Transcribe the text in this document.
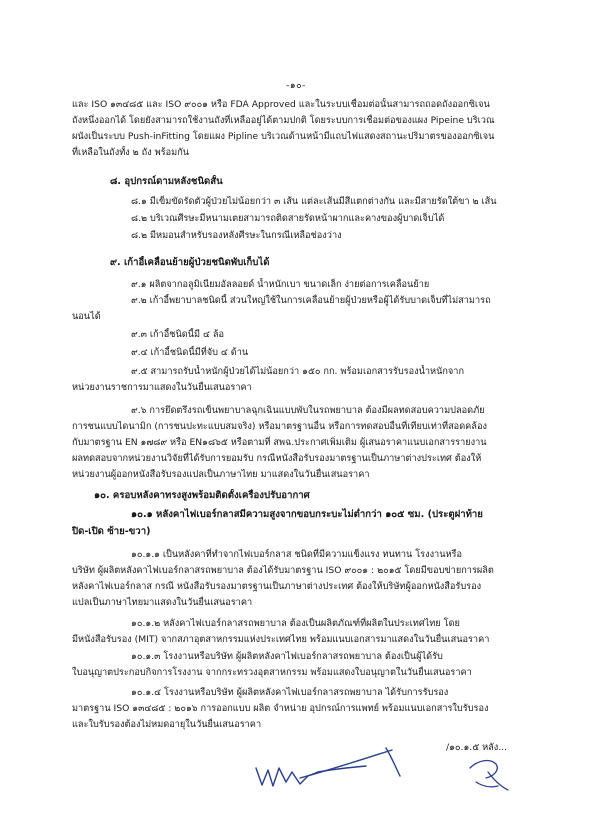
-๑๐-
และ ISO ๑๓๔๘๕ และ ISO ๙๐๐๑ หรือ FDA Approved และในระบบเชื่อมต่อนั้นสามารถถอดถังออกซิเจน
ถังหนึ่งออกได้ โดยยังสามารถใช้งานถังที่เหลืออยู่ได้ตามปกติ โดยระบบการเชื่อมต่อของแผง Pipeine บริเวณ
ผนังเป็นระบบ Push-inFitting โดยแผง Pipline บริเวณด้านหน้ามีแถบไฟแสดงสถานะปริมาตรของออกซิเจน
ที่เหลือในถังทั้ง ๒ ถัง พร้อมกัน
๘. อุปกรณ์ดามหลังชนิดสั้น
๘.๑ มีเข็มขัดรัดตัวผู้ป่วยไม่น้อยกว่า ๓ เส้น แต่ละเส้นมีสีแตกต่างกัน และมีสายรัดใต้ขา ๒ เส้น
๘.๒ บริเวณศีรษะมีหนามเตยสามารถติดสายรัดหน้าผากและคางของผู้บาดเจ็บได้
๘.๒ มีหมอนสำหรับรองหลังศีรษะในกรณีเหลือช่องว่าง
๙. เก้าอี้เคลื่อนย้ายผู้ป่วยชนิดพับเก็บได้
๙.๑ ผลิตจากอลูมิเนียมอัลลอยด์ น้ำหนักเบา ขนาดเล็ก ง่ายต่อการเคลื่อนย้าย
๙.๒ เก้าอี้พยาบาลชนิดนี้ ส่วนใหญ่ใช้ในการเคลื่อนย้ายผู้ป่วยหรือผู้ได้รับบาดเจ็บที่ไม่สามารถ
นอนได้
๙.๓ เก้าอี้ชนิดนี้มี ๔ ล้อ
๙.๔ เก้าอี้ชนิดนี้มีที่จับ ๔ ด้าน
๙.๕ สามารถรับน้ำหนักผู้ป่วยได้ไม่น้อยกว่า ๑๕๐ กก. พร้อมเอกสารรับรองน้ำหนักจาก
หน่วยงานราชการมาแสดงในวันยื่นเสนอราคา
๙.๖ การยึดตรึงรถเข็นพยาบาลฉุกเฉินแบบพับในรถพยาบาล ต้องมีผลทดสอบความปลอดภัย
การชนแบบไดนามิก (การชนปะทะแบบสมจริง) หรือมาตรฐานอื่น หรือการทดสอบอื่นที่เทียบเท่าที่สอดคล้อง
กับมาตรฐาน EN ๑๗๘๙ หรือ EN๑๘๖๕ หรือตามที่ สพฉ.ประกาศเพิ่มเติม ผู้เสนอราคาแนบเอกสารรายงาน
ผลทดสอบจากหน่วยงานวิจัยที่ได้รับการยอมรับ กรณีหนังสือรับรองมาตรฐานเป็นภาษาต่างประเทศ ต้องให้
หน่วยงานผู้ออกหนังสือรับรองแปลเป็นภาษาไทย มาแสดงในวันยื่นเสนอราคา
๑๐. ครอบหลังคาทรงสูงพร้อมติดตั้งเครื่องปรับอากาศ
๑๐.๑ หลังคาไฟเบอร์กลาสมีความสูงจากขอบกระบะไม่ต่ำกว่า ๑๐๕ ซม. (ประตูฝาท้าย
ปิด-เปิด ซ้าย-ขวา)
๑๐.๑.๑ เป็นหลังคาที่ทำจากไฟเบอร์กลาส ชนิดที่มีความแข็งแรง ทนทาน โรงงานหรือ
บริษัท ผู้ผลิตหลังคาไฟเบอร์กลาสรถพยาบาล ต้องได้รับมาตรฐาน ISO ๙๐๐๑ : ๒๐๑๕ โดยมีขอบข่ายการผลิต
หลังคาไฟเบอร์กลาส กรณี หนังสือรับรองมาตรฐานเป็นภาษาต่างประเทศ ต้องให้บริษัทผู้ออกหนังสือรับรอง
แปลเป็นภาษาไทยมาแสดงในวันยื่นเสนอราคา
๑๐.๑.๒ หลังคาไฟเบอร์กลาสรถพยาบาล ต้องเป็นผลิตภัณฑ์ที่ผลิตในประเทศไทย โดย
มีหนังสือรับรอง (MIT) จากสภาอุตสาหกรรมแห่งประเทศไทย พร้อมแนบเอกสารมาแสดงในวันยื่นเสนอราคา
๑๐.๑.๓ โรงงานหรือบริษัท ผู้ผลิตหลังคาไฟเบอร์กลาสรถพยาบาล ต้องเป็นผู้ได้รับ
ใบอนุญาตประกอบกิจการโรงงาน จากกระทรวงอุตสาหกรรม พร้อมแสดงใบอนุญาตในวันยื่นเสนอราคา
๑๐.๑.๔ โรงงานหรือบริษัท ผู้ผลิตหลังคาไฟเบอร์กลาสรถพยาบาล ได้รับการรับรอง
มาตรฐาน ISO ๑๓๔๘๕ : ๒๐๑๖ การออกแบบ ผลิต จำหน่าย อุปกรณ์การแพทย์ พร้อมแนบเอกสารใบรับรอง
และใบรับรองต้องไม่หมดอายุในวันยื่นเสนอราคา
/๑๐.๑.๕ หลัง...
